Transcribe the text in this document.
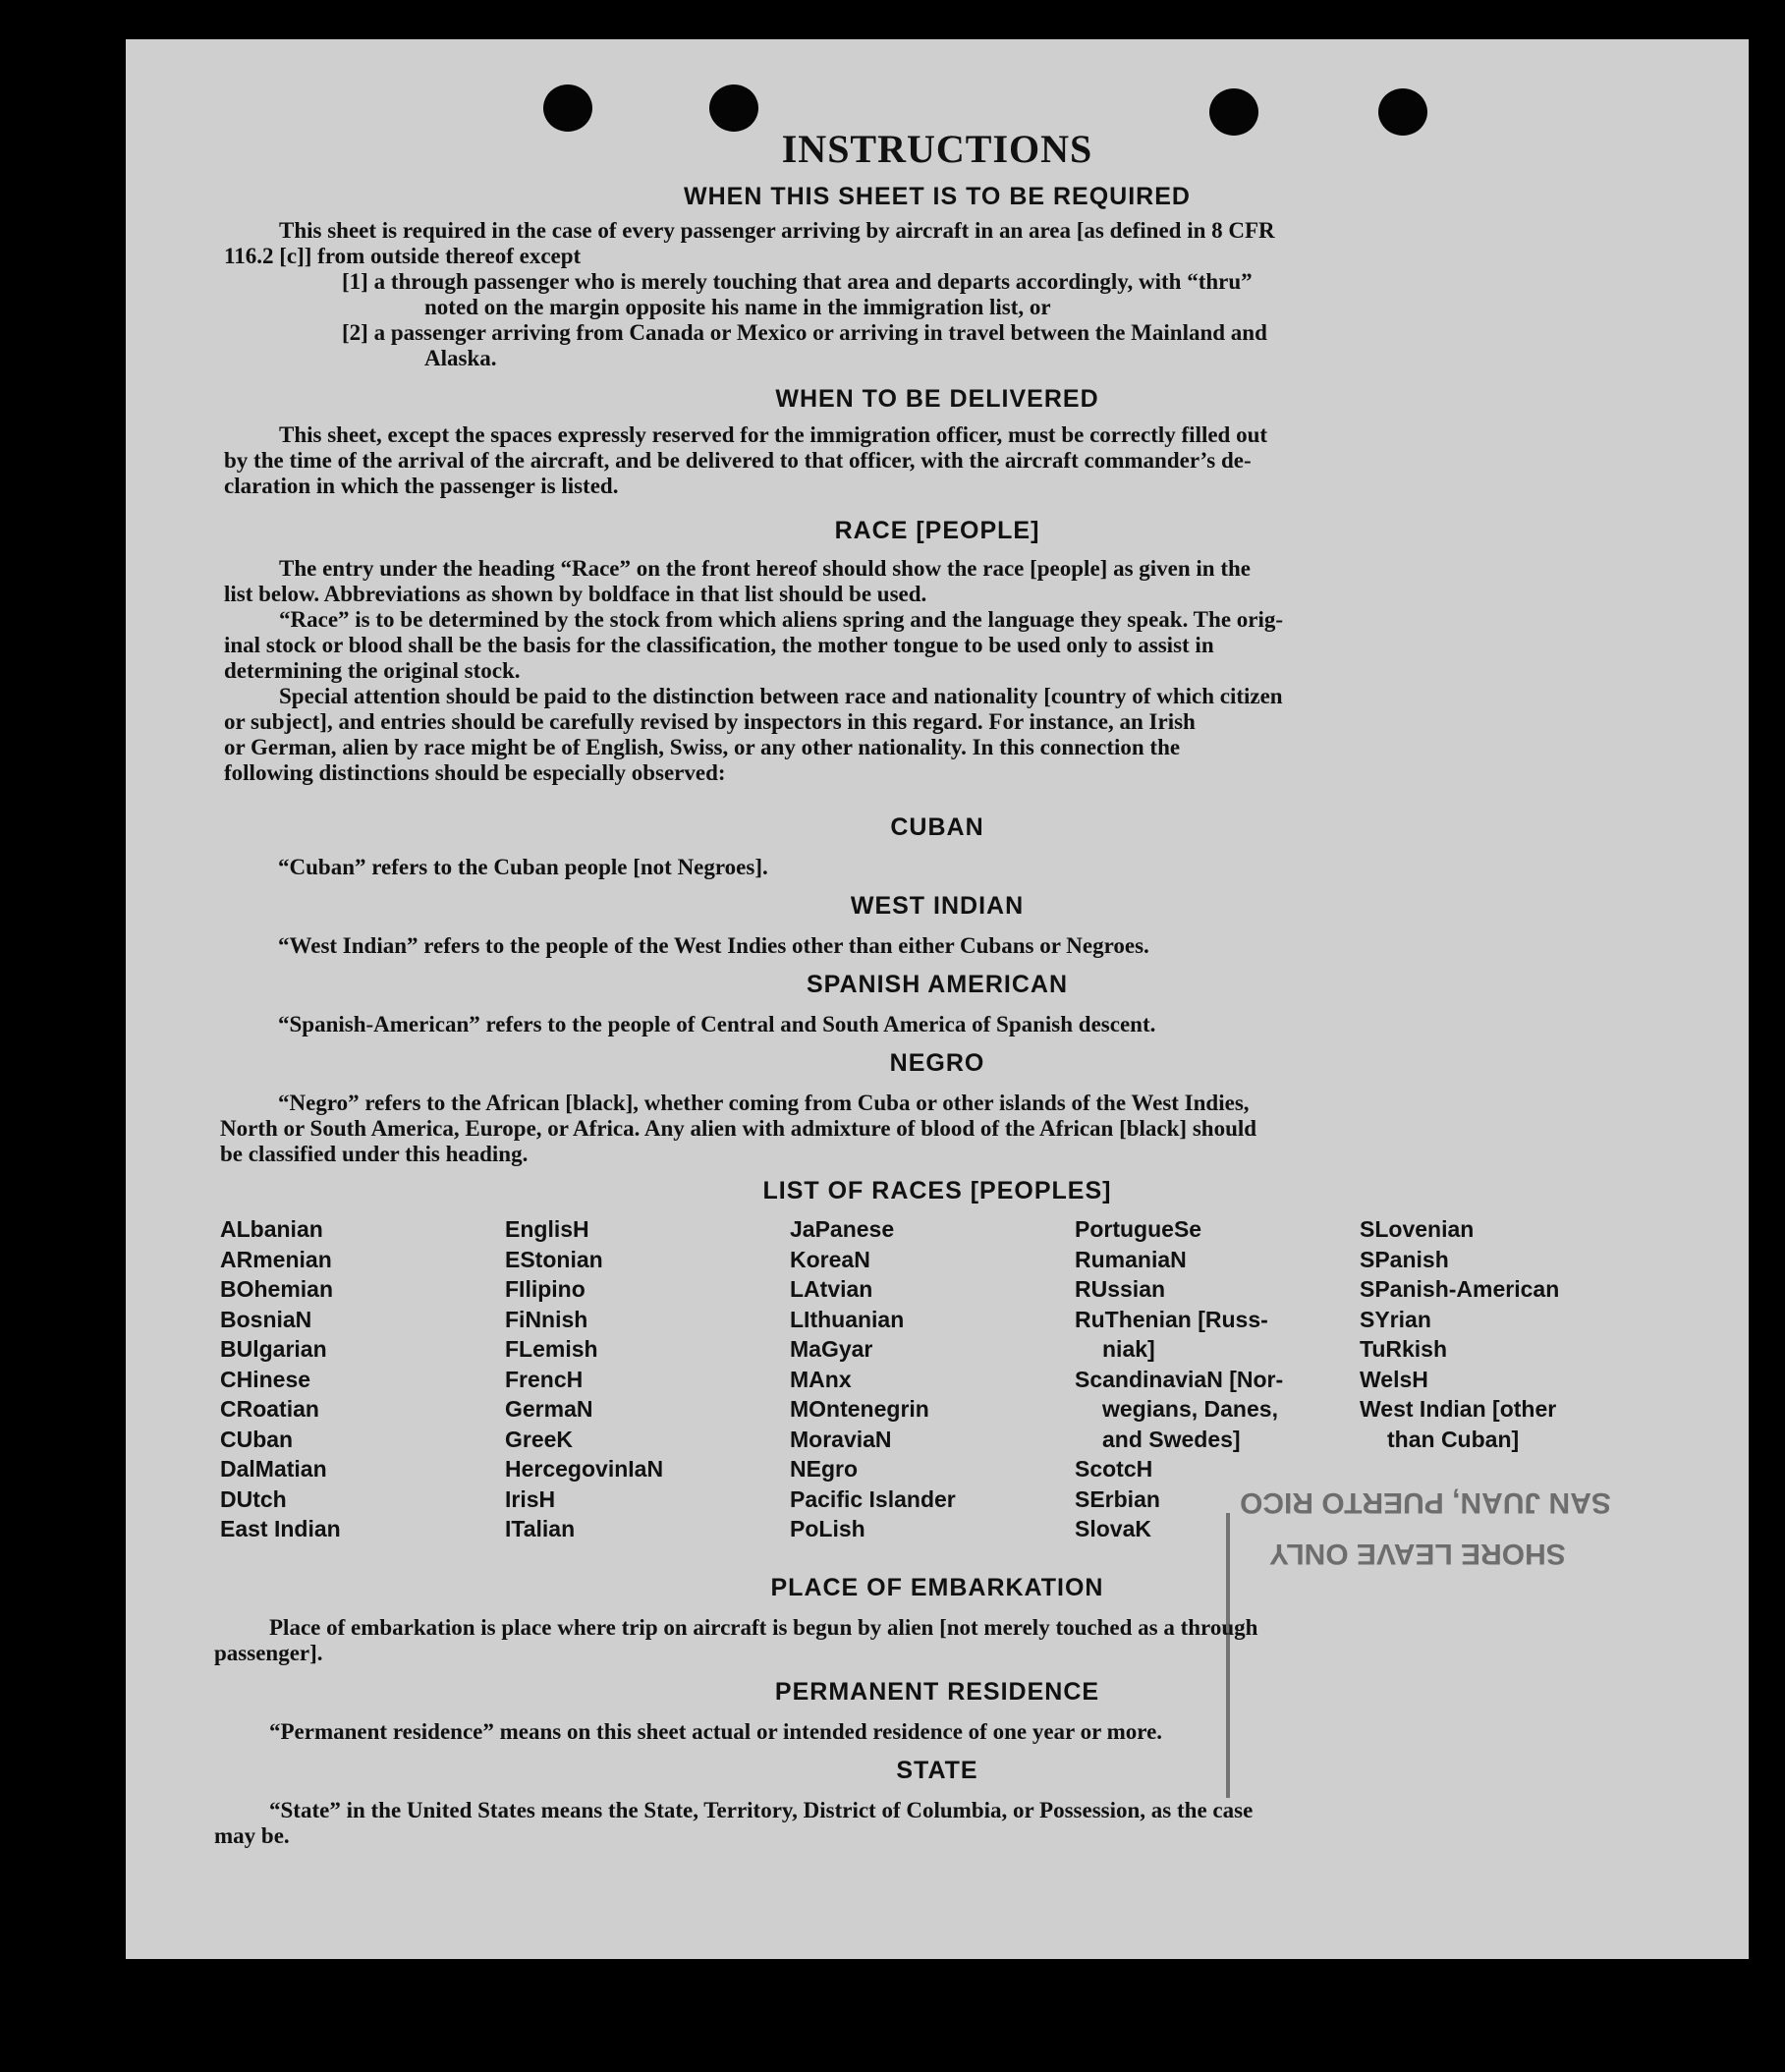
INSTRUCTIONS
WHEN THIS SHEET IS TO BE REQUIRED
This sheet is required in the case of every passenger arriving by aircraft in an area [as defined in 8 CFR
116.2 [c]] from outside thereof except
[1] a through passenger who is merely touching that area and departs accordingly, with “thru”
noted on the margin opposite his name in the immigration list, or
[2] a passenger arriving from Canada or Mexico or arriving in travel between the Mainland and
Alaska.
WHEN TO BE DELIVERED
This sheet, except the spaces expressly reserved for the immigration officer, must be correctly filled out
by the time of the arrival of the aircraft, and be delivered to that officer, with the aircraft commander’s de-
claration in which the passenger is listed.
RACE [PEOPLE]
The entry under the heading “Race” on the front hereof should show the race [people] as given in the
list below. Abbreviations as shown by boldface in that list should be used.
“Race” is to be determined by the stock from which aliens spring and the language they speak. The orig-
inal stock or blood shall be the basis for the classification, the mother tongue to be used only to assist in
determining the original stock.
Special attention should be paid to the distinction between race and nationality [country of which citizen
or subject], and entries should be carefully revised by inspectors in this regard. For instance, an Irish
or German, alien by race might be of English, Swiss, or any other nationality. In this connection the
following distinctions should be especially observed:
CUBAN
“Cuban” refers to the Cuban people [not Negroes].
WEST INDIAN
“West Indian” refers to the people of the West Indies other than either Cubans or Negroes.
SPANISH AMERICAN
“Spanish-American” refers to the people of Central and South America of Spanish descent.
NEGRO
“Negro” refers to the African [black], whether coming from Cuba or other islands of the West Indies,
North or South America, Europe, or Africa. Any alien with admixture of blood of the African [black] should
be classified under this heading.
LIST OF RACES [PEOPLES]
ALbanian
ARmenian
BOhemian
BosniaN
BUlgarian
CHinese
CRoatian
CUban
DalMatian
DUtch
East Indian
EnglisH
EStonian
FIlipino
FiNnish
FLemish
FrencH
GermaN
GreeK
HercegovinIaN
IrisH
ITalian
JaPanese
KoreaN
LAtvian
LIthuanian
MaGyar
MAnx
MOntenegrin
MoraviaN
NEgro
Pacific Islander
PoLish
PortugueSe
RumaniaN
RUssian
RuThenian [Russ-
niak]
ScandinaviaN [Nor-
wegians, Danes,
and Swedes]
ScotcH
SErbian
SlovaK
SLovenian
SPanish
SPanish-American
SYrian
TuRkish
WelsH
West Indian [other
than Cuban]
PLACE OF EMBARKATION
Place of embarkation is place where trip on aircraft is begun by alien [not merely touched as a through
passenger].
PERMANENT RESIDENCE
“Permanent residence” means on this sheet actual or intended residence of one year or more.
STATE
“State” in the United States means the State, Territory, District of Columbia, or Possession, as the case
may be.
SHORE LEAVE ONLY
SAN JUAN, PUERTO RICO
